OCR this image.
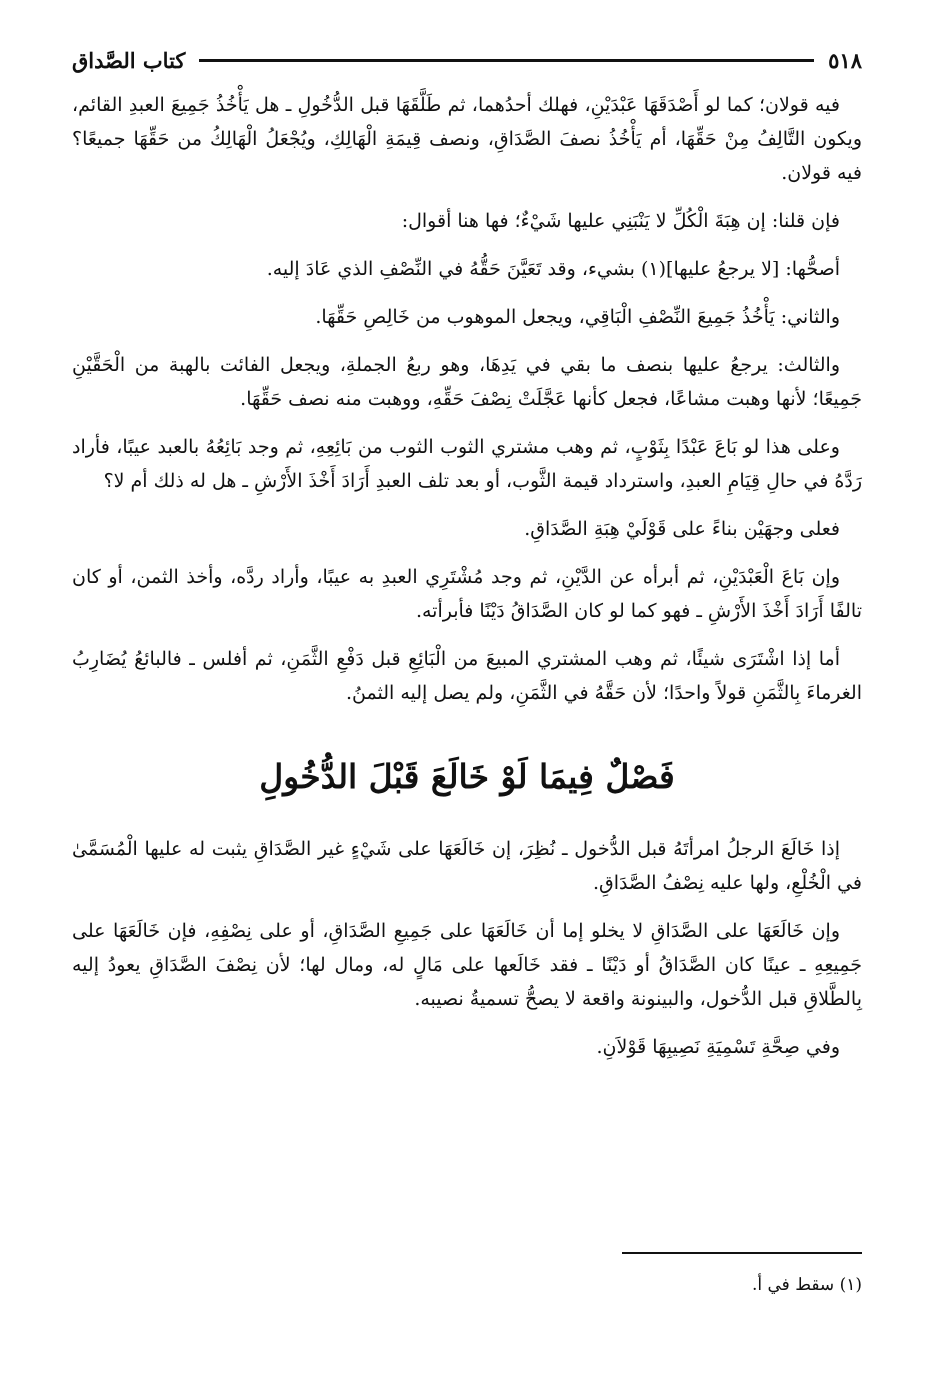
٥١٨
كتاب الصَّداق

فيه قولان؛ كما لو أَصْدَقَهَا عَبْدَيْنِ، فهلك أحدُهما، ثم طَلَّقَهَا قبل الدُّخُولِ ـ هل يَأْخُذُ جَمِيعَ العبدِ القائم، ويكون التَّالِفُ مِنْ حَقِّهَا، أم يَأْخُذُ نصفَ الصَّدَاقِ، ونصف قِيمَةِ الْهَالِكِ، ويُجْعَلُ الْهَالِكُ من حَقِّهَا جميعًا؟ فيه قولان.

فإن قلنا: إن هِبَةَ الْكُلِّ لا يَنْبَنِي عليها شَيْءٌ؛ فها هنا أقوال:

أصحُّها: [لا يرجعُ عليها](١) بشيء، وقد تَعَيَّنَ حَقُّهُ في النِّصْفِ الذي عَادَ إليه.

والثاني: يَأْخُذُ جَمِيعَ النِّصْفِ الْبَاقِي، ويجعل الموهوب من خَالِصِ حَقِّهَا.

والثالث: يرجعُ عليها بنصف ما بقي في يَدِهَا، وهو ربعُ الجملةِ، ويجعل الفائت بالهبة من الْحَقَّيْنِ جَمِيعًا؛ لأنها وهبت مشاعًا، فجعل كأنها عَجَّلَتْ نِصْفَ حَقِّهِ، ووهبت منه نصف حَقِّهَا.

وعلى هذا لو بَاعَ عَبْدًا بِثَوْبٍ، ثم وهب مشتري الثوب الثوب من بَائِعِهِ، ثم وجد بَائِعُهُ بالعبد عيبًا، فأراد رَدَّهُ في حالِ قِيَامِ العبدِ، واسترداد قيمة الثَّوب، أو بعد تلف العبدِ أَرَادَ أَخْذَ الأَرْشِ ـ هل له ذلك أم لا؟

فعلى وجهَيْن بناءً على قَوْلَيْ هِبَةِ الصَّدَاقِ.

وإن بَاعَ الْعَبْدَيْنِ، ثم أبرأه عن الدَّيْنِ، ثم وجد مُشْتَرِي العبدِ به عيبًا، وأراد ردَّه، وأخذ الثمن، أو كان تالفًا أَرَادَ أَخْذَ الأَرْشِ ـ فهو كما لو كان الصَّدَاقُ دَيْنًا فأبرأته.

أما إذا اشْتَرَى شيئًا، ثم وهب المشتري المبيعَ من الْبَائِعِ قبل دَفْعِ الثَّمَنِ، ثم أفلس ـ فالبائعُ يُضَارِبُ الغرماءَ بِالثَّمَنِ قولاً واحدًا؛ لأن حَقَّهُ في الثَّمَنِ، ولم يصل إليه الثمنُ.

فَصْلٌ فِيمَا لَوْ خَالَعَ قَبْلَ الدُّخُولِ

إذا خَالَعَ الرجلُ امرأتَهُ قبل الدُّخول ـ نُظِرَ، إن خَالَعَهَا على شَيْءٍ غير الصَّدَاقِ يثبت له عليها الْمُسَمَّىٰ في الْخُلْعِ، ولها عليه نِصْفُ الصَّدَاقِ.

وإن خَالَعَهَا على الصَّدَاقِ لا يخلو إما أن خَالَعَهَا على جَمِيعِ الصَّدَاقِ، أو على نِصْفِهِ، فإن خَالَعَهَا على جَمِيعِهِ ـ عينًا كان الصَّدَاقُ أو دَيْنًا ـ فقد خَالَعها على مَالٍ له، ومال لها؛ لأن نِصْفَ الصَّدَاقِ يعودُ إليه بِالطَّلاقِ قبل الدُّخول، والبينونة واقعة لا يصحُّ تسميةُ نصيبه.

وفي صِحَّةِ تَسْمِيَةِ نَصِيبِهَا قَوْلاَنِ.

(١) سقط في أ.
